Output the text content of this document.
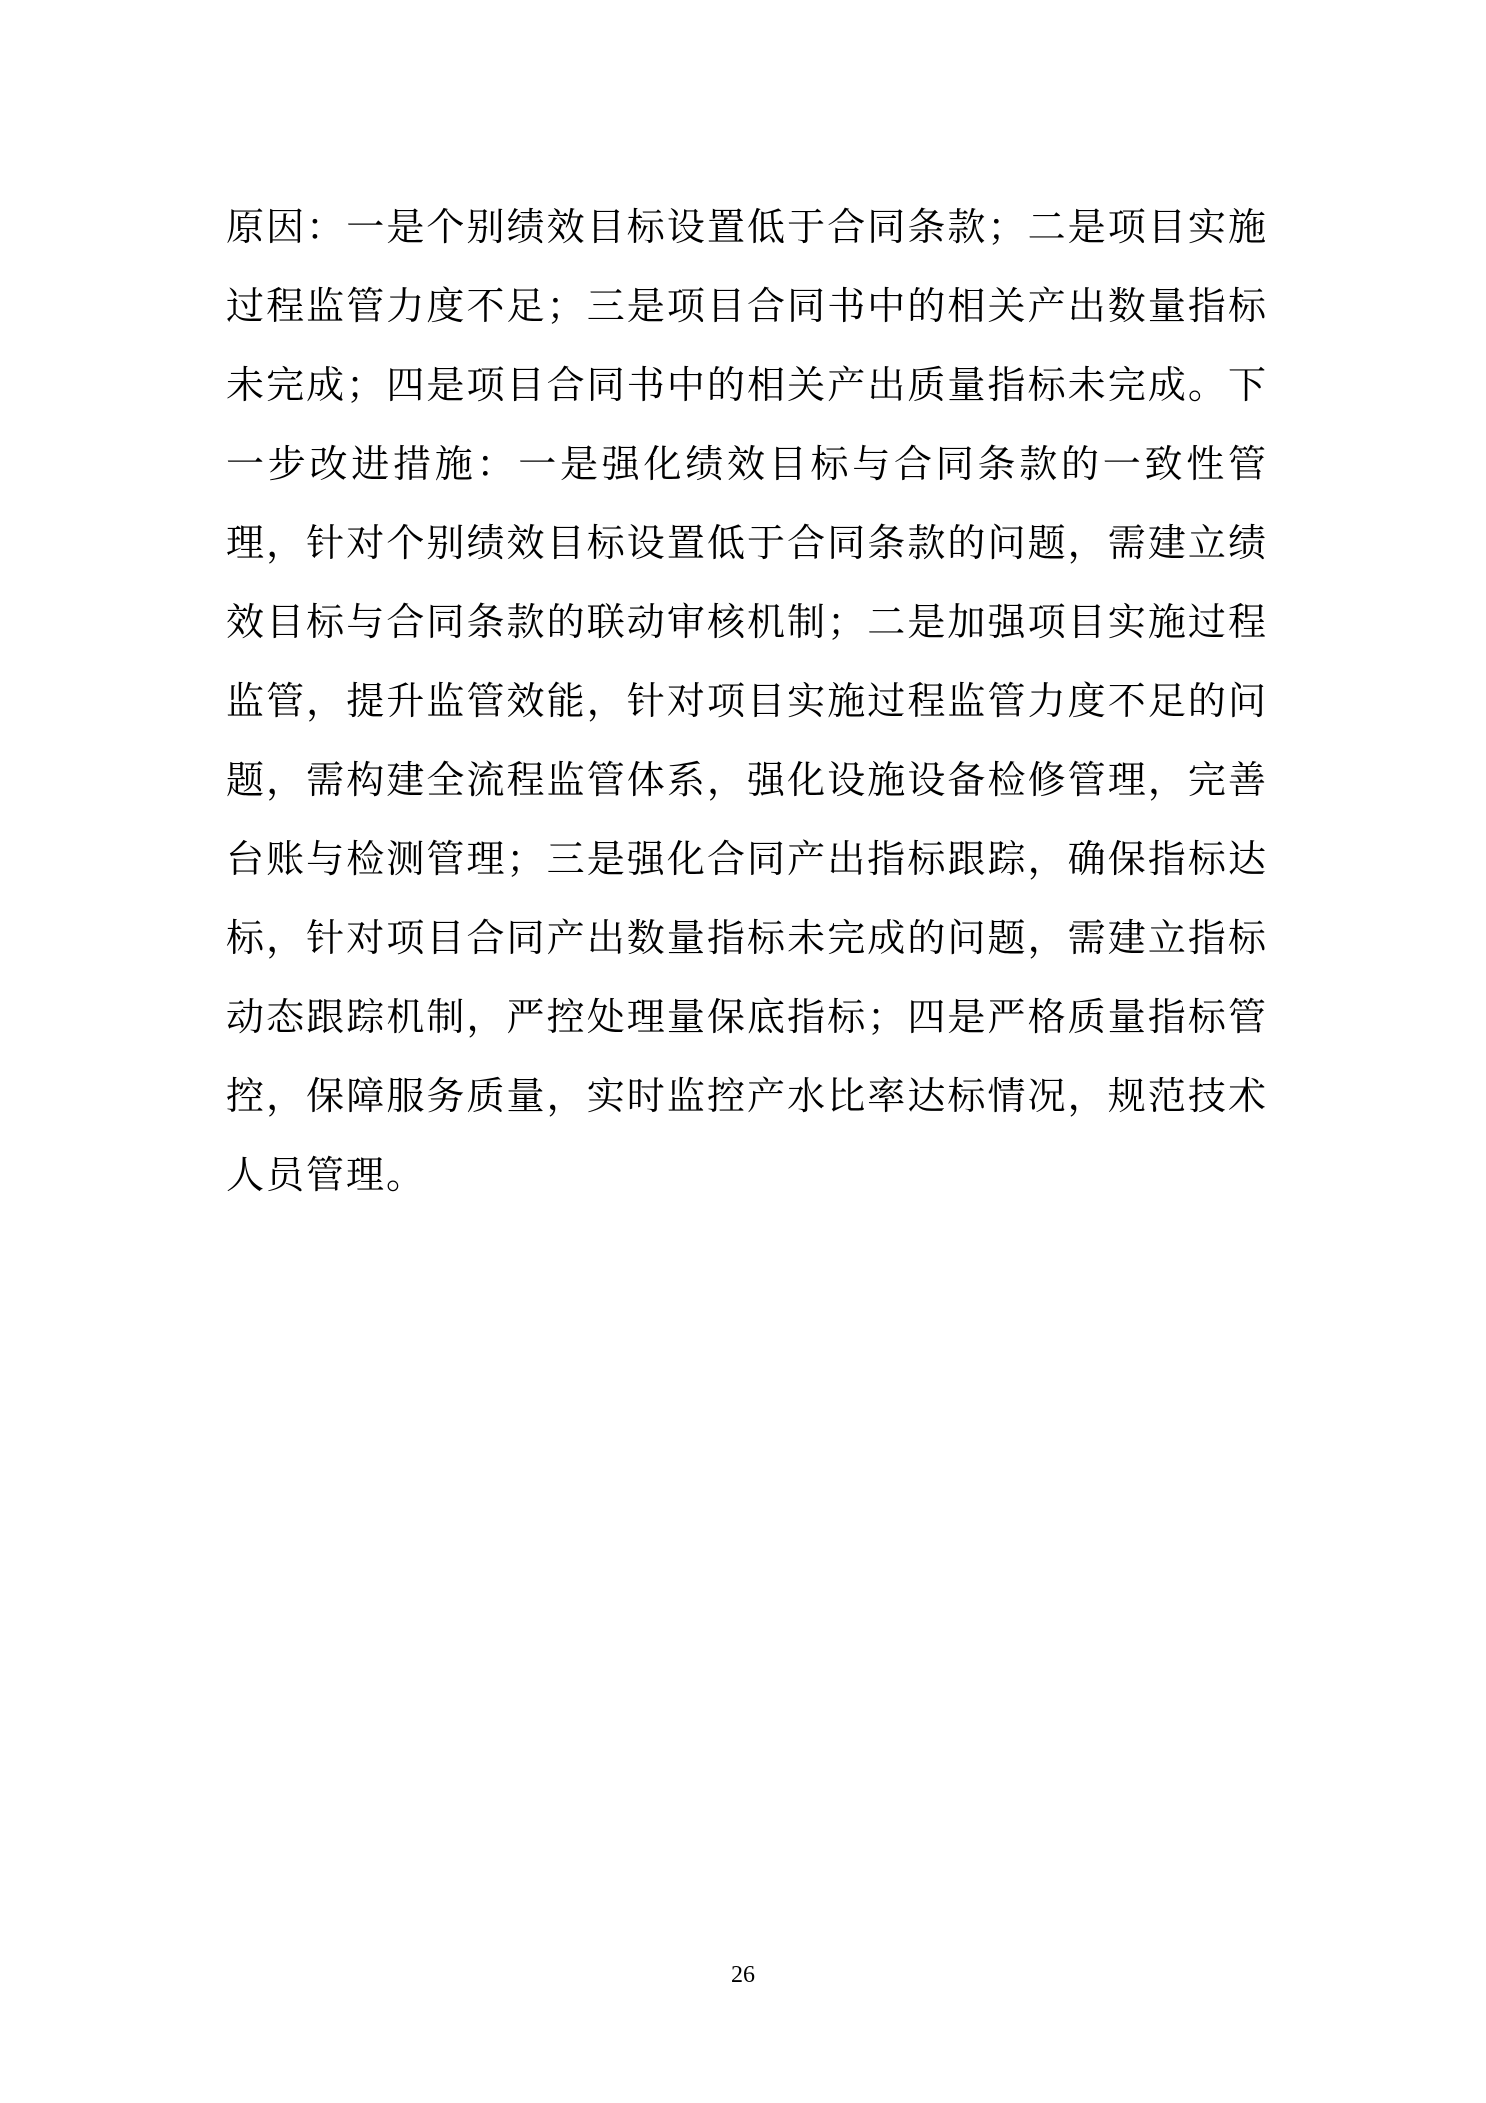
原因：一是个别绩效目标设置低于合同条款；二是项目实施
过程监管力度不足；三是项目合同书中的相关产出数量指标
未完成；四是项目合同书中的相关产出质量指标未完成。下
一步改进措施：一是强化绩效目标与合同条款的一致性管
理，针对个别绩效目标设置低于合同条款的问题，需建立绩
效目标与合同条款的联动审核机制；二是加强项目实施过程
监管，提升监管效能，针对项目实施过程监管力度不足的问
题，需构建全流程监管体系，强化设施设备检修管理，完善
台账与检测管理；三是强化合同产出指标跟踪，确保指标达
标，针对项目合同产出数量指标未完成的问题，需建立指标
动态跟踪机制，严控处理量保底指标；四是严格质量指标管
控，保障服务质量，实时监控产水比率达标情况，规范技术
人员管理。
26
